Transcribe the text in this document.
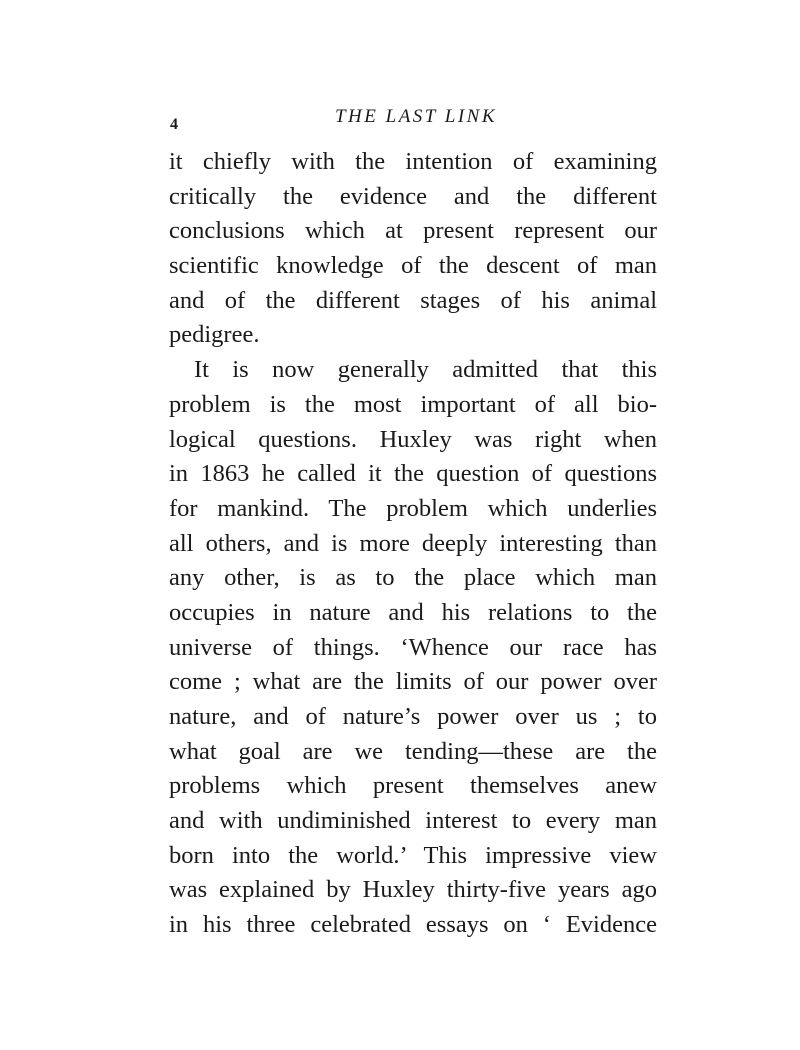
4	THE LAST LINK
it chiefly with the intention of examining
critically the evidence and the different
conclusions which at present represent our
scientific knowledge of the descent of man
and of the different stages of his animal
pedigree.
It is now generally admitted that this
problem is the most important of all bio-
logical questions. Huxley was right when
in 1863 he called it the question of questions
for mankind. The problem which underlies
all others, and is more deeply interesting than
any other, is as to the place which man
occupies in nature and his relations to the
universe of things. ‘Whence our race has
come ; what are the limits of our power over
nature, and of nature’s power over us ; to
what goal are we tending—these are the
problems which present themselves anew
and with undiminished interest to every man
born into the world.’ This impressive view
was explained by Huxley thirty-five years ago
in his three celebrated essays on ‘ Evidence
